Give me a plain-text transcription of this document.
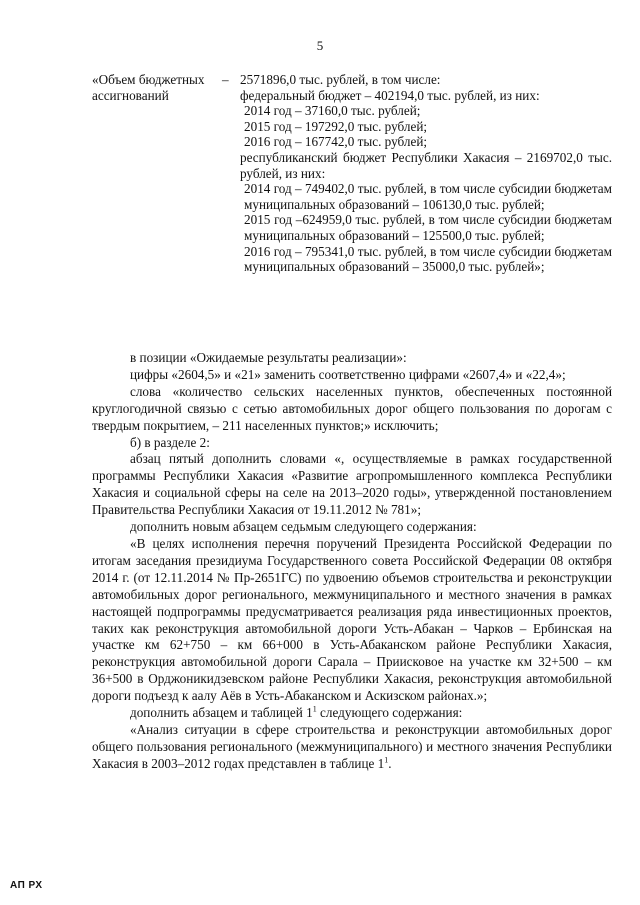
5
«Объем бюджетных ассигнований
– 2571896,0 тыс. рублей, в том числе:
федеральный бюджет – 402194,0 тыс. рублей, из них:
2014 год – 37160,0 тыс. рублей;
2015 год – 197292,0 тыс. рублей;
2016 год – 167742,0 тыс. рублей;
республиканский бюджет Республики Хакасия – 2169702,0 тыс. рублей, из них:
2014 год – 749402,0 тыс. рублей, в том числе субсидии бюджетам муниципальных образований – 106130,0 тыс. рублей;
2015 год –624959,0 тыс. рублей, в том числе субсидии бюджетам муниципальных образований – 125500,0 тыс. рублей;
2016 год – 795341,0 тыс. рублей, в том числе субсидии бюджетам муниципальных образований – 35000,0 тыс. рублей»;

в позиции «Ожидаемые результаты реализации»:

цифры «2604,5» и «21» заменить соответственно цифрами «2607,4» и «22,4»;

слова «количество сельских населенных пунктов, обеспеченных постоянной круглогодичной связью с сетью автомобильных дорог общего пользования по дорогам с твердым покрытием, – 211 населенных пунктов;» исключить;

б) в разделе 2:

абзац пятый дополнить словами «, осуществляемые в рамках государственной программы Республики Хакасия «Развитие агропромышленного комплекса Республики Хакасия и социальной сферы на селе на 2013–2020 годы», утвержденной постановлением Правительства Республики Хакасия от 19.11.2012 № 781»;

дополнить новым абзацем седьмым следующего содержания:

«В целях исполнения перечня поручений Президента Российской Федерации по итогам заседания президиума Государственного совета Российской Федерации 08 октября 2014 г. (от 12.11.2014 № Пр-2651ГС) по удвоению объемов строительства и реконструкции автомобильных дорог регионального, межмуниципального и местного значения в рамках настоящей подпрограммы предусматривается реализация ряда инвестиционных проектов, таких как реконструкция автомобильной дороги Усть-Абакан – Чарков – Ербинская на участке км 62+750 – км 66+000 в Усть-Абаканском районе Республики Хакасия, реконструкция автомобильной дороги Сарала – Приисковое на участке км 32+500 – км 36+500 в Орджоникидзевском районе Республики Хакасия, реконструкция автомобильной дороги подъезд к аалу Аёв в Усть-Абаканском и Аскизском районах.»;

дополнить абзацем и таблицей $1^1$ следующего содержания:

«Анализ ситуации в сфере строительства и реконструкции автомобильных дорог общего пользования регионального (межмуниципального) и местного значения Республики Хакасия в 2003–2012 годах представлен в таблице $1^1$.

АП РХ
